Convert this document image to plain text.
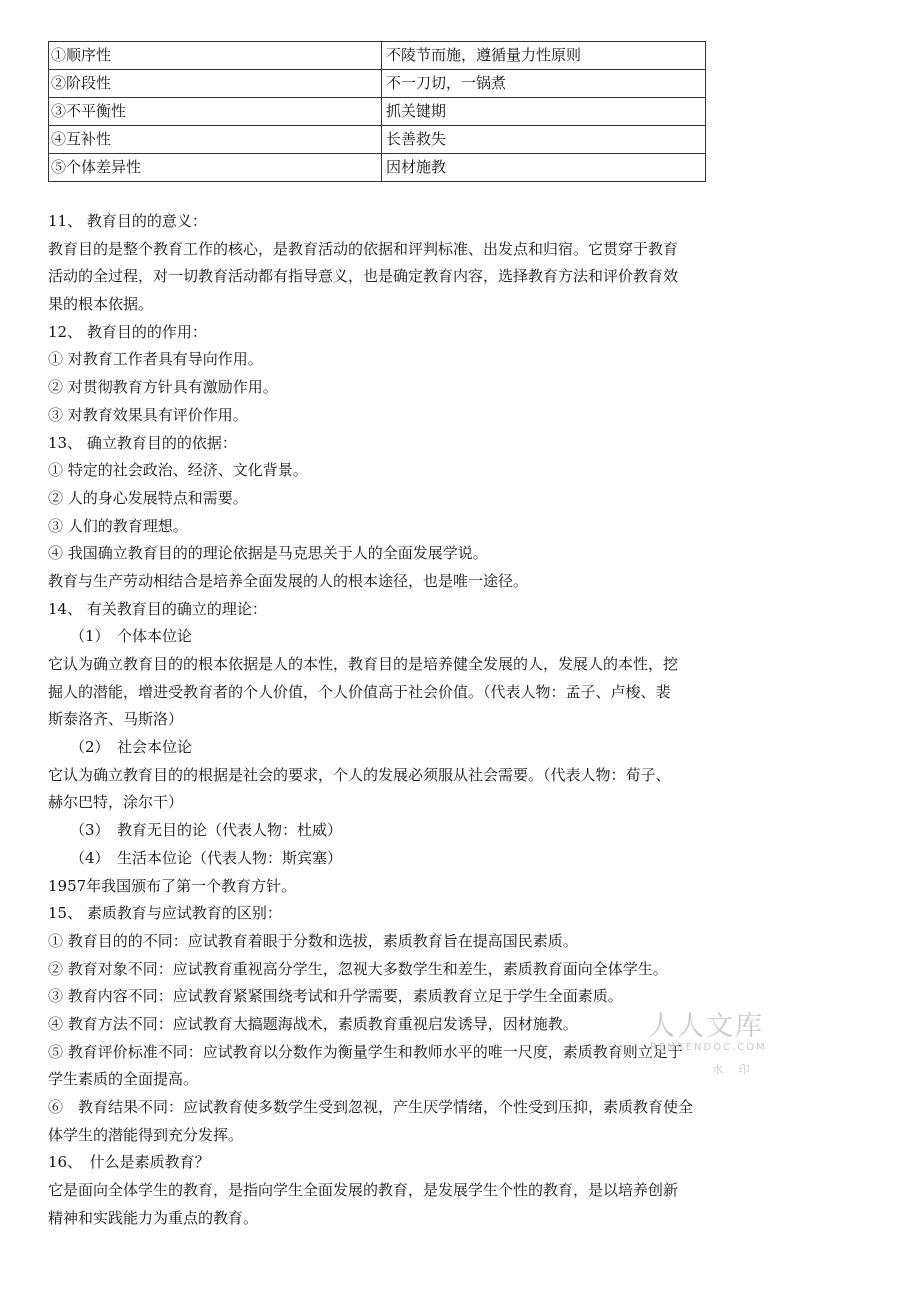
①顺序性	不陵节而施，遵循量力性原则
②阶段性	不一刀切，一锅煮
③不平衡性	抓关键期
④互补性	长善救失
⑤个体差异性	因材施教
11、 教育目的的意义：
教育目的是整个教育工作的核心，是教育活动的依据和评判标准、出发点和归宿。它贯穿于教育
活动的全过程，对一切教育活动都有指导意义，也是确定教育内容，选择教育方法和评价教育效
果的根本依据。
12、 教育目的的作用：
① 对教育工作者具有导向作用。
② 对贯彻教育方针具有激励作用。
③ 对教育效果具有评价作用。
13、 确立教育目的的依据：
① 特定的社会政治、经济、文化背景。
② 人的身心发展特点和需要。
③ 人们的教育理想。
④ 我国确立教育目的的理论依据是马克思关于人的全面发展学说。
教育与生产劳动相结合是培养全面发展的人的根本途径，也是唯一途径。
14、 有关教育目的确立的理论：
（1）　个体本位论
它认为确立教育目的的根本依据是人的本性，教育目的是培养健全发展的人，发展人的本性，挖
掘人的潜能，增进受教育者的个人价值，个人价值高于社会价值。（代表人物：孟子、卢梭、裴
斯泰洛齐、马斯洛）
（2）　社会本位论
它认为确立教育目的的根据是社会的要求，个人的发展必须服从社会需要。（代表人物：荀子、
赫尔巴特，涂尔干）
（3）　教育无目的论（代表人物：杜威）
（4）　生活本位论（代表人物：斯宾塞）
1957年我国颁布了第一个教育方针。
15、 素质教育与应试教育的区别：
① 教育目的的不同：应试教育着眼于分数和选拔，素质教育旨在提高国民素质。
② 教育对象不同：应试教育重视高分学生，忽视大多数学生和差生，素质教育面向全体学生。
③ 教育内容不同：应试教育紧紧围绕考试和升学需要，素质教育立足于学生全面素质。
④ 教育方法不同：应试教育大搞题海战术，素质教育重视启发诱导，因材施教。
⑤ 教育评价标准不同：应试教育以分数作为衡量学生和教师水平的唯一尺度，素质教育则立足于
学生素质的全面提高。
⑥　教育结果不同：应试教育使多数学生受到忽视，产生厌学情绪，个性受到压抑，素质教育使全
体学生的潜能得到充分发挥。
16、　什么是素质教育？
它是面向全体学生的教育，是指向学生全面发展的教育，是发展学生个性的教育，是以培养创新
精神和实践能力为重点的教育。
人人文库
RENRENDOC.COM
水 印
